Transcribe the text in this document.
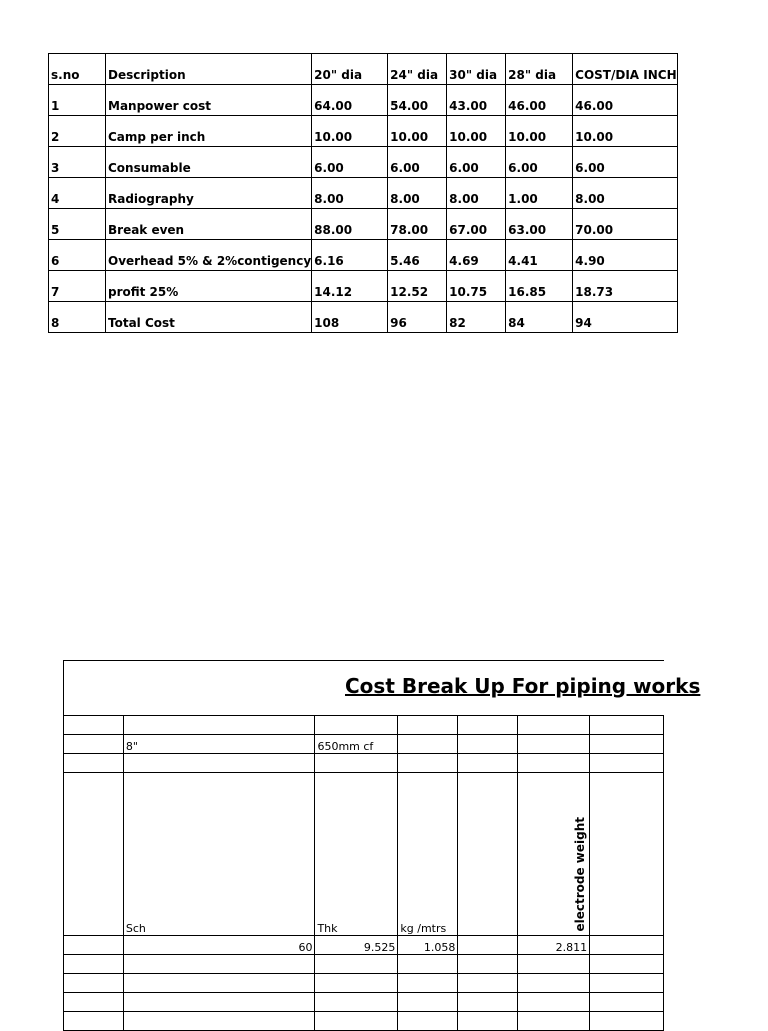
s.no	Description	20" dia	24" dia	30" dia	28" dia	COST/DIA INCH
1	Manpower cost	64.00	54.00	43.00	46.00	46.00
2	Camp per inch	10.00	10.00	10.00	10.00	10.00
3	Consumable	6.00	6.00	6.00	6.00	6.00
4	Radiography	8.00	8.00	8.00	1.00	8.00
5	Break even	88.00	78.00	67.00	63.00	70.00
6	Overhead 5% & 2%contigency	6.16	5.46	4.69	4.41	4.90
7	profit 25%	14.12	12.52	10.75	16.85	18.73
8	Total Cost	108	96	82	84	94
Cost Break Up For piping works

	8"	650mm cf				

	Sch	Thk	kg /mtrs		electrode weight	
	60	9.525	1.058		2.811	
